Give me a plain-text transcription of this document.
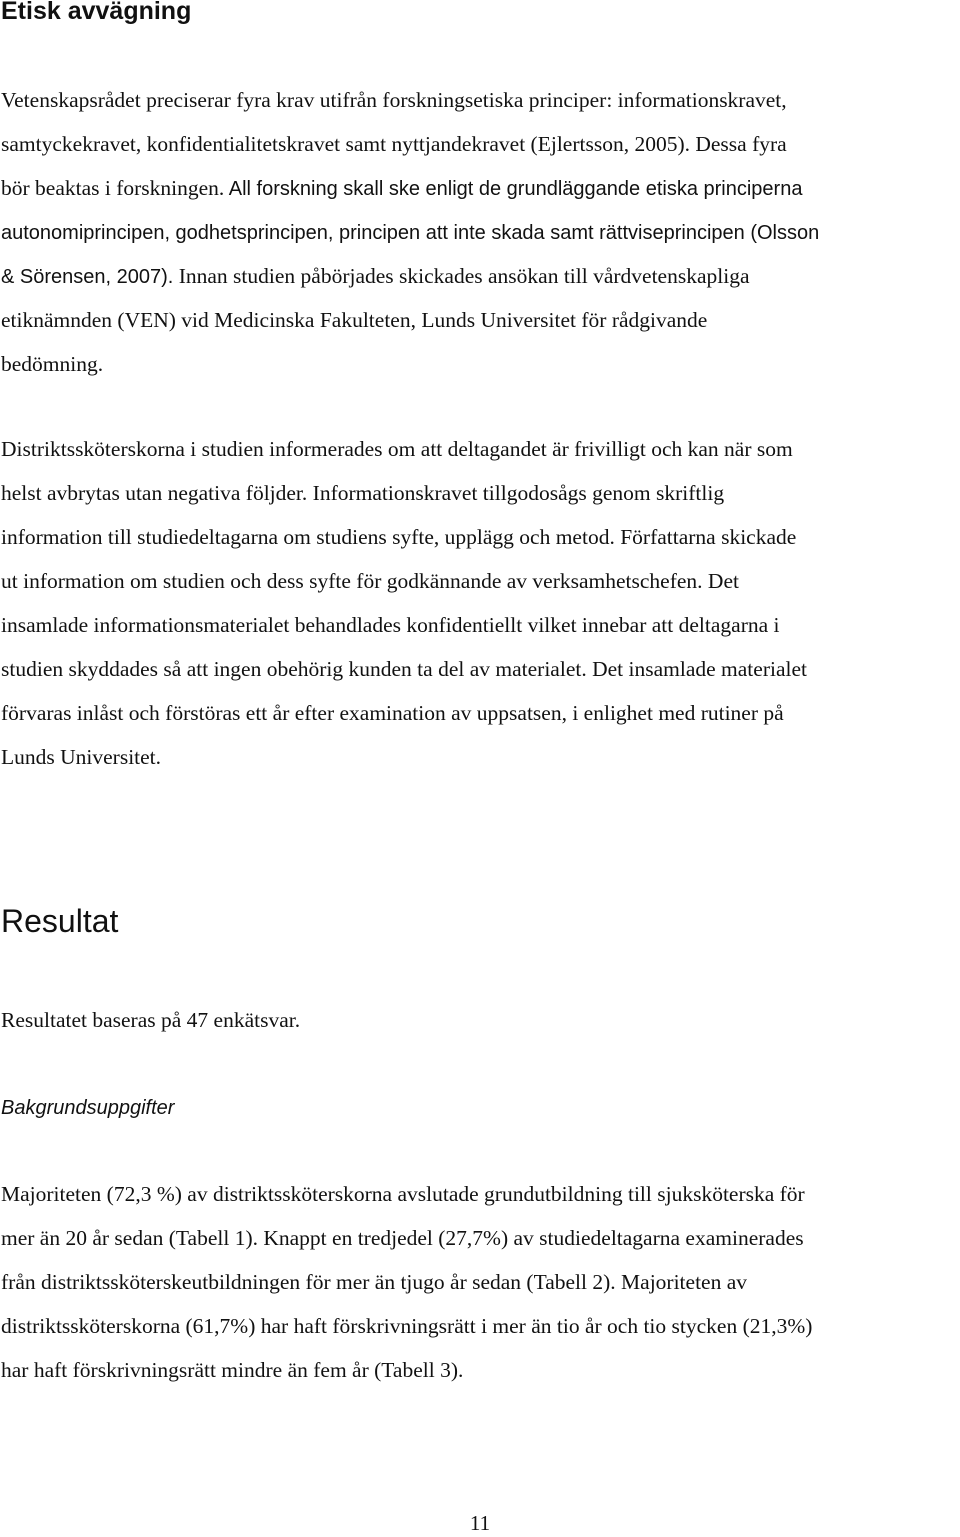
Etisk avvägning
Vetenskapsrådet preciserar fyra krav utifrån forskningsetiska principer: informationskravet,
samtyckekravet, konfidentialitetskravet samt nyttjandekravet (Ejlertsson, 2005). Dessa fyra
bör beaktas i forskningen. All forskning skall ske enligt de grundläggande etiska principerna
autonomiprincipen, godhetsprincipen, principen att inte skada samt rättviseprincipen (Olsson
& Sörensen, 2007). Innan studien påbörjades skickades ansökan till vårdvetenskapliga
etiknämnden (VEN) vid Medicinska Fakulteten, Lunds Universitet för rådgivande
bedömning.
Distriktssköterskorna i studien informerades om att deltagandet är frivilligt och kan när som
helst avbrytas utan negativa följder. Informationskravet tillgodosågs genom skriftlig
information till studiedeltagarna om studiens syfte, upplägg och metod. Författarna skickade
ut information om studien och dess syfte för godkännande av verksamhetschefen. Det
insamlade informationsmaterialet behandlades konfidentiellt vilket innebar att deltagarna i
studien skyddades så att ingen obehörig kunden ta del av materialet. Det insamlade materialet
förvaras inlåst och förstöras ett år efter examination av uppsatsen, i enlighet med rutiner på
Lunds Universitet.
Resultat
Resultatet baseras på 47 enkätsvar.
Bakgrundsuppgifter
Majoriteten (72,3 %) av distriktssköterskorna avslutade grundutbildning till sjuksköterska för
mer än 20 år sedan (Tabell 1). Knappt en tredjedel (27,7%) av studiedeltagarna examinerades
från distriktssköterskeutbildningen för mer än tjugo år sedan (Tabell 2). Majoriteten av
distriktssköterskorna (61,7%) har haft förskrivningsrätt i mer än tio år och tio stycken (21,3%)
har haft förskrivningsrätt mindre än fem år (Tabell 3).
11
